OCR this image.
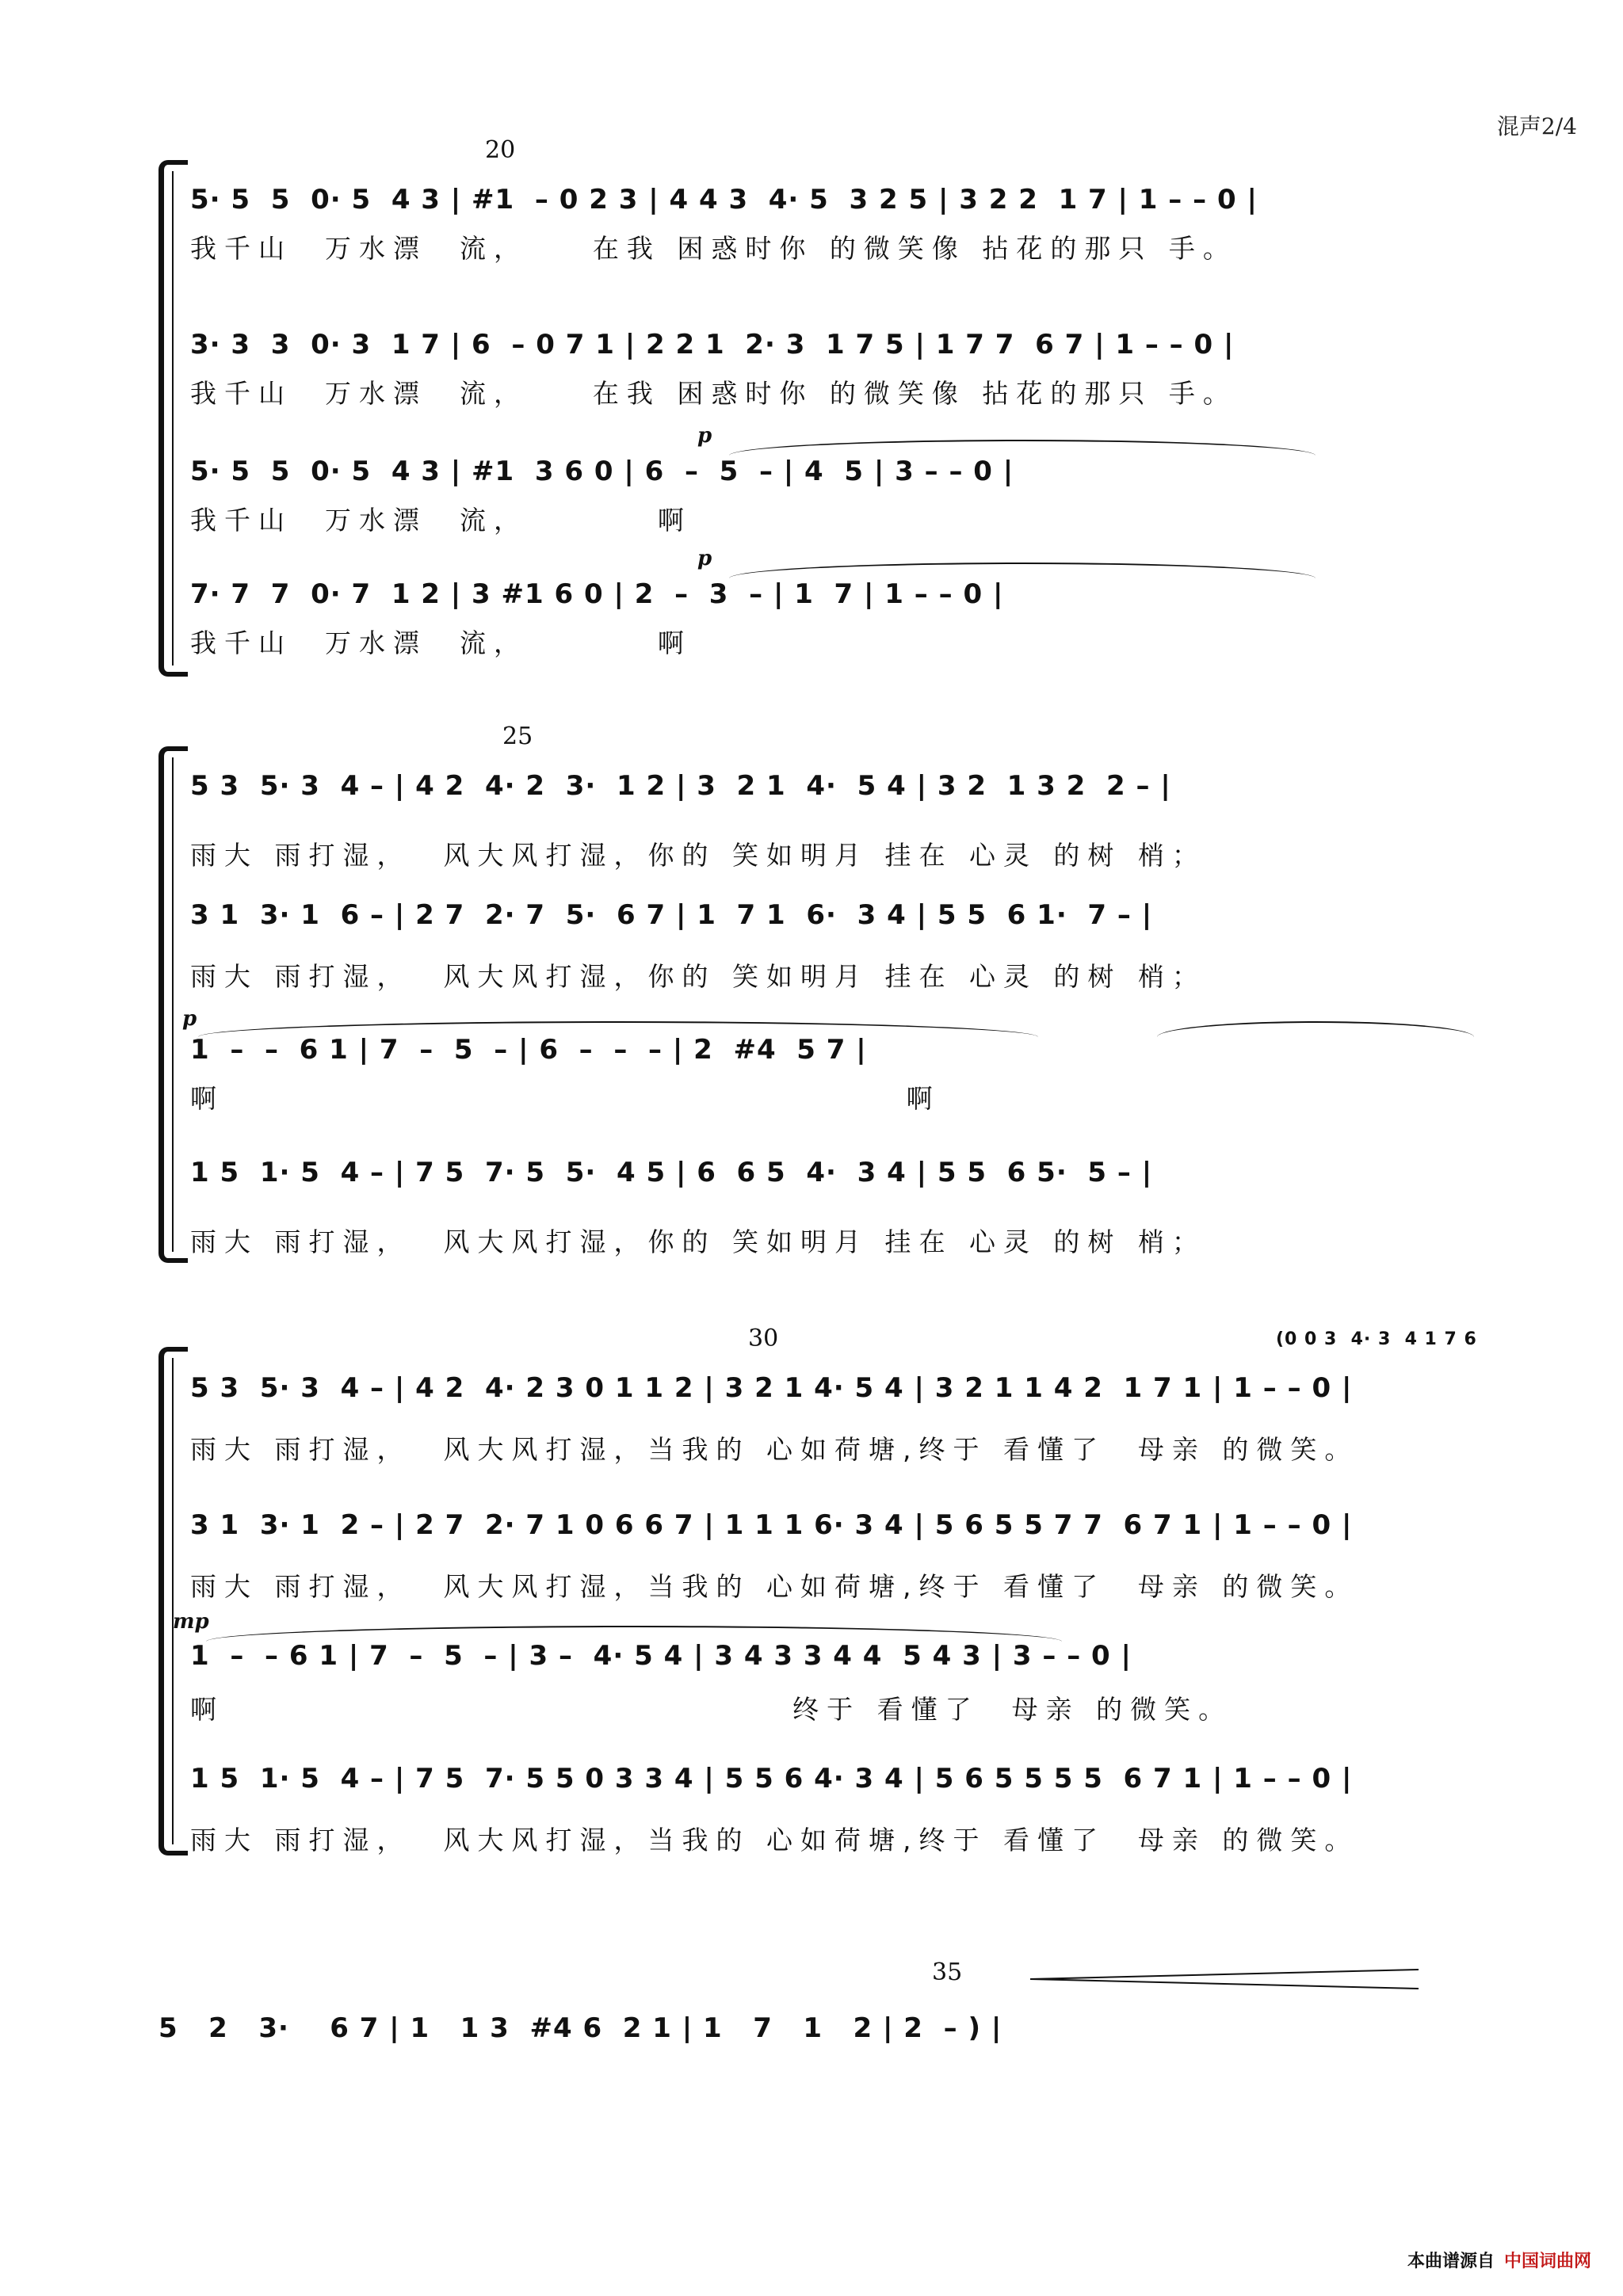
混声2/4
20
5· 5  5  0· 5  4 3 | #1  – 0 2 3 | 4 4 3  4· 5  3 2 5 | 3 2 2  1 7 | 1 – – 0 |
我千山  万水漂  流，    在我 困惑时你 的微笑像 拈花的那只 手。
3· 3  3  0· 3  1 7 | 6  – 0 7 1 | 2 2 1  2· 3  1 7 5 | 1 7 7  6 7 | 1 – – 0 |
我千山  万水漂  流，    在我 困惑时你 的微笑像 拈花的那只 手。
p
5· 5  5  0· 5  4 3 | #1  3 6 0 | 6  –  5  – | 4  5 | 3 – – 0 |
我千山  万水漂  流，        啊
p
7· 7  7  0· 7  1 2 | 3 #1 6 0 | 2  –  3  – | 1  7 | 1 – – 0 |
我千山  万水漂  流，        啊
25
5 3  5· 3  4 – | 4 2  4· 2  3·  1 2 | 3  2 1  4·  5 4 | 3 2  1 3 2  2 – |
雨大 雨打湿，  风大风打湿，你的 笑如明月 挂在 心灵 的树 梢；
3 1  3· 1  6 – | 2 7  2· 7  5·  6 7 | 1  7 1  6·  3 4 | 5 5  6 1·  7 – |
雨大 雨打湿，  风大风打湿，你的 笑如明月 挂在 心灵 的树 梢；
p
1  –  –  6 1 | 7  –  5  – | 6  –  –  – | 2  #4  5 7 |
啊                                          啊
1 5  1· 5  4 – | 7 5  7· 5  5·  4 5 | 6  6 5  4·  3 4 | 5 5  6 5·  5 – |
雨大 雨打湿，  风大风打湿，你的 笑如明月 挂在 心灵 的树 梢；
30	(0 0 3  4· 3  4 1 7 6
5 3  5· 3  4 – | 4 2  4· 2 3 0 1 1 2 | 3 2 1 4· 5 4 | 3 2 1 1 4 2  1 7 1 | 1 – – 0 |
雨大 雨打湿，  风大风打湿，当我的 心如荷塘,终于 看懂了  母亲 的微笑。
3 1  3· 1  2 – | 2 7  2· 7 1 0 6 6 7 | 1 1 1 6· 3 4 | 5 6 5 5 7 7  6 7 1 | 1 – – 0 |
雨大 雨打湿，  风大风打湿，当我的 心如荷塘,终于 看懂了  母亲 的微笑。
mp
1  –  – 6 1 | 7  –  5  – | 3 –  4· 5 4 | 3 4 3 3 4 4  5 4 3 | 3 – – 0 |
啊                                   终于 看懂了  母亲 的微笑。
1 5  1· 5  4 – | 7 5  7· 5 5 0 3 3 4 | 5 5 6 4· 3 4 | 5 6 5 5 5 5  6 7 1 | 1 – – 0 |
雨大 雨打湿，  风大风打湿，当我的 心如荷塘,终于 看懂了  母亲 的微笑。
35
5   2   3·    6 7 | 1   1 3  #4 6  2 1 | 1   7   1   2 | 2  – ) |
本曲谱源自 中国词曲网
